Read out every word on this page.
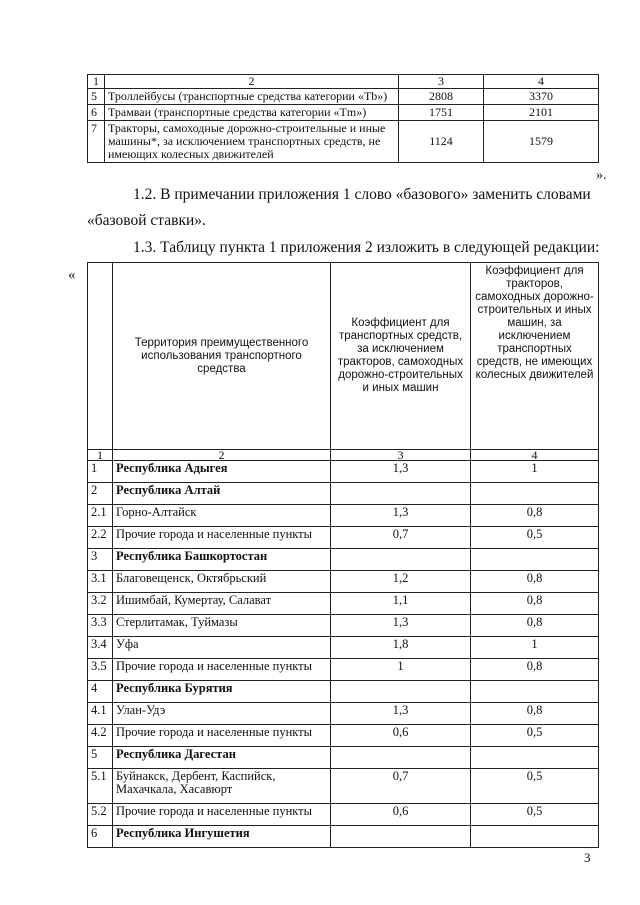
1	2	3	4
5	Троллейбусы (транспортные средства категории «Tb»)	2808	3370
6	Трамваи (транспортные средства категории «Tm»)	1751	2101
7	Тракторы, самоходные дорожно-строительные и иные машины*, за исключением транспортных средств, не имеющих колесных движителей	1124	1579
».
1.2. В примечании приложения 1 слово «базового» заменить словами
«базовой ставки».
1.3. Таблицу пункта 1 приложения 2 изложить в следующей редакции:
«
	Территория преимущественного использования транспортного средства	Коэффициент для транспортных средств, за исключением тракторов, самоходных дорожно-строительных и иных машин	Коэффициент для тракторов, самоходных дорожно-строительных и иных машин, за исключением транспортных средств, не имеющих колесных движителей
1	2	3	4
1	Республика Адыгея	1,3	1
2	Республика Алтай		
2.1	Горно-Алтайск	1,3	0,8
2.2	Прочие города и населенные пункты	0,7	0,5
3	Республика Башкортостан		
3.1	Благовещенск, Октябрьский	1,2	0,8
3.2	Ишимбай, Кумертау, Салават	1,1	0,8
3.3	Стерлитамак, Туймазы	1,3	0,8
3.4	Уфа	1,8	1
3.5	Прочие города и населенные пункты	1	0,8
4	Республика Бурятия		
4.1	Улан-Удэ	1,3	0,8
4.2	Прочие города и населенные пункты	0,6	0,5
5	Республика Дагестан		
5.1	Буйнакск, Дербент, Каспийск, Махачкала, Хасавюрт	0,7	0,5
5.2	Прочие города и населенные пункты	0,6	0,5
6	Республика Ингушетия		
3
